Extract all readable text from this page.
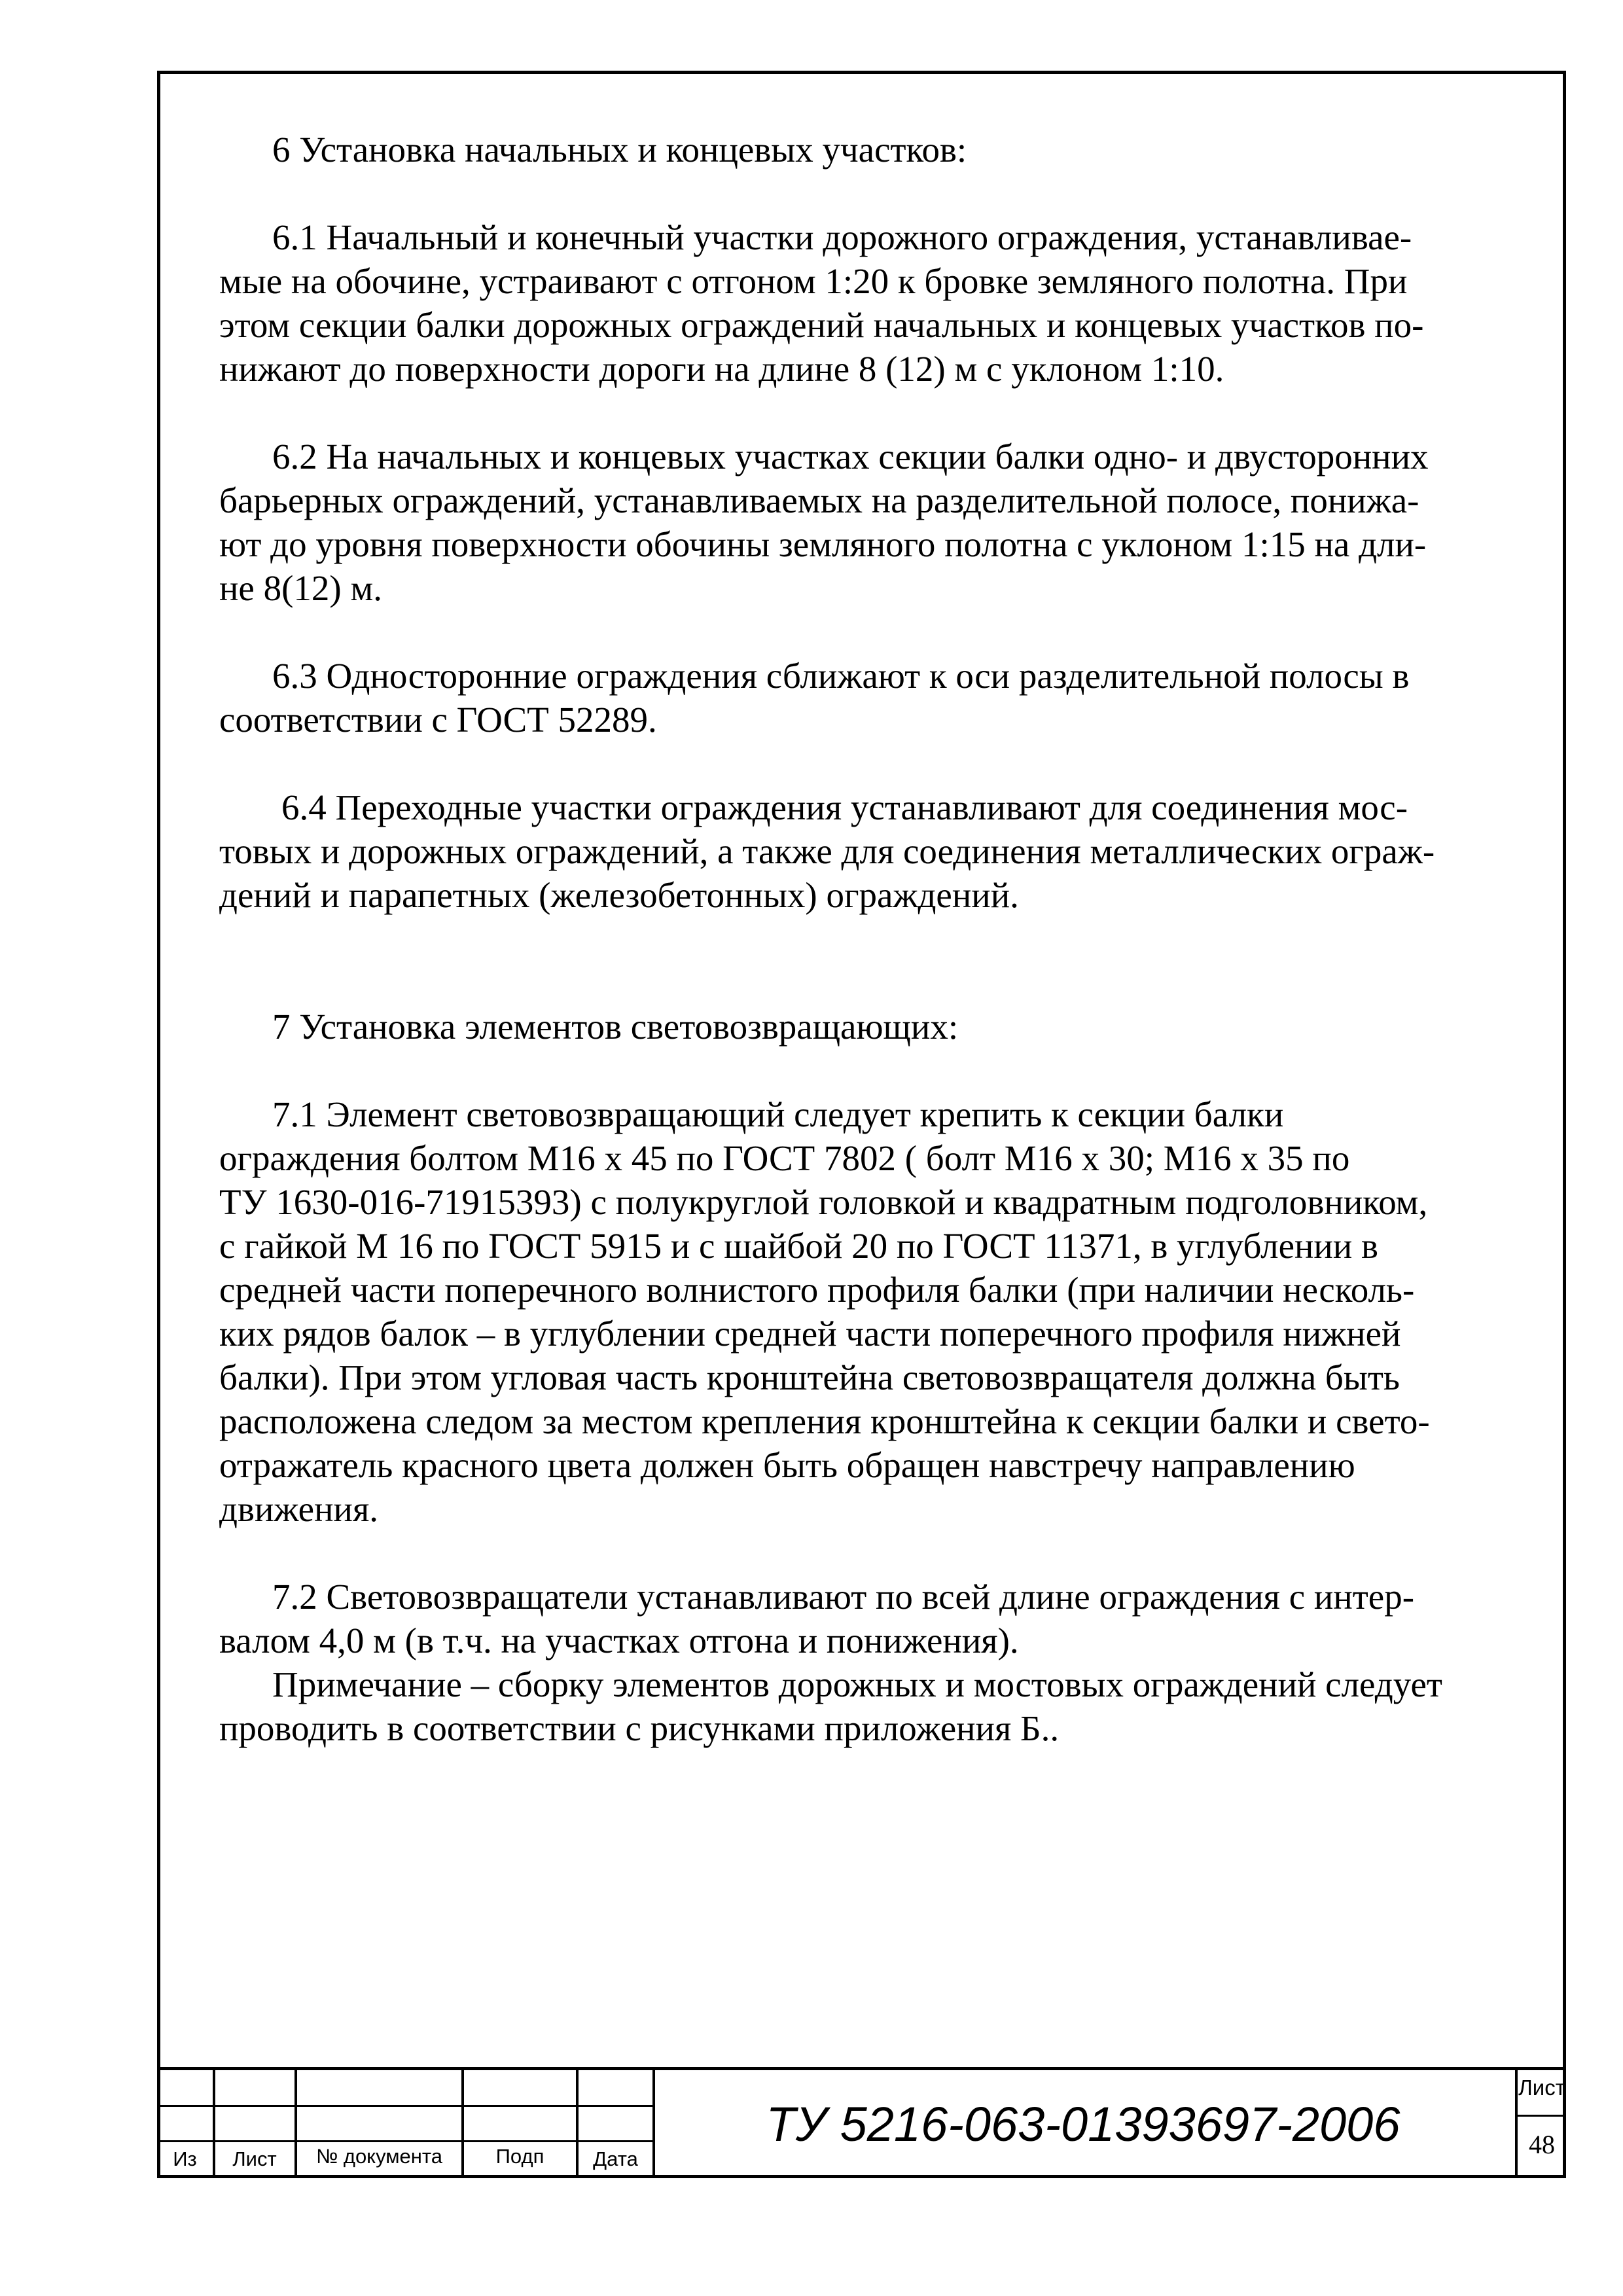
6 Установка начальных и концевых участков:

6.1 Начальный и конечный участки дорожного ограждения, устанавливае-
мые на обочине, устраивают с отгоном 1:20 к бровке земляного полотна. При
этом секции балки дорожных ограждений начальных и концевых участков по-
нижают до поверхности дороги на длине 8 (12) м с уклоном 1:10.

6.2 На начальных и концевых участках секции балки одно- и двусторонних
барьерных ограждений, устанавливаемых на разделительной полосе, понижа-
ют до уровня поверхности обочины земляного полотна с уклоном 1:15 на дли-
не 8(12) м.

6.3 Односторонние ограждения сближают к оси разделительной полосы в
соответствии с ГОСТ 52289.

6.4 Переходные участки ограждения устанавливают для соединения мос-
товых и дорожных ограждений, а также для соединения металлических ограж-
дений и парапетных (железобетонных) ограждений.

7 Установка элементов световозвращающих:

7.1 Элемент световозвращающий следует крепить к секции балки
ограждения болтом М16 х 45 по ГОСТ 7802 ( болт М16 х 30; М16 х 35 по
ТУ 1630-016-71915393) с полукруглой головкой и квадратным подголовником,
с гайкой М 16 по ГОСТ 5915 и с шайбой 20 по ГОСТ 11371, в углублении в
средней части поперечного волнистого профиля балки (при наличии несколь-
ких рядов балок – в углублении средней части поперечного профиля нижней
балки). При этом угловая часть кронштейна световозвращателя должна быть
расположена следом за местом крепления кронштейна к секции балки и свето-
отражатель красного цвета должен быть обращен навстречу направлению
движения.

7.2 Световозвращатели устанавливают по всей длине ограждения с интер-
валом 4,0 м (в т.ч. на участках отгона и понижения).

Примечание – сборку элементов дорожных и мостовых ограждений следует
проводить в соответствии с рисунками приложения Б..

Из	Лист	№ документа	Подп	Дата
ТУ 5216-063-01393697-2006
Лист
48
